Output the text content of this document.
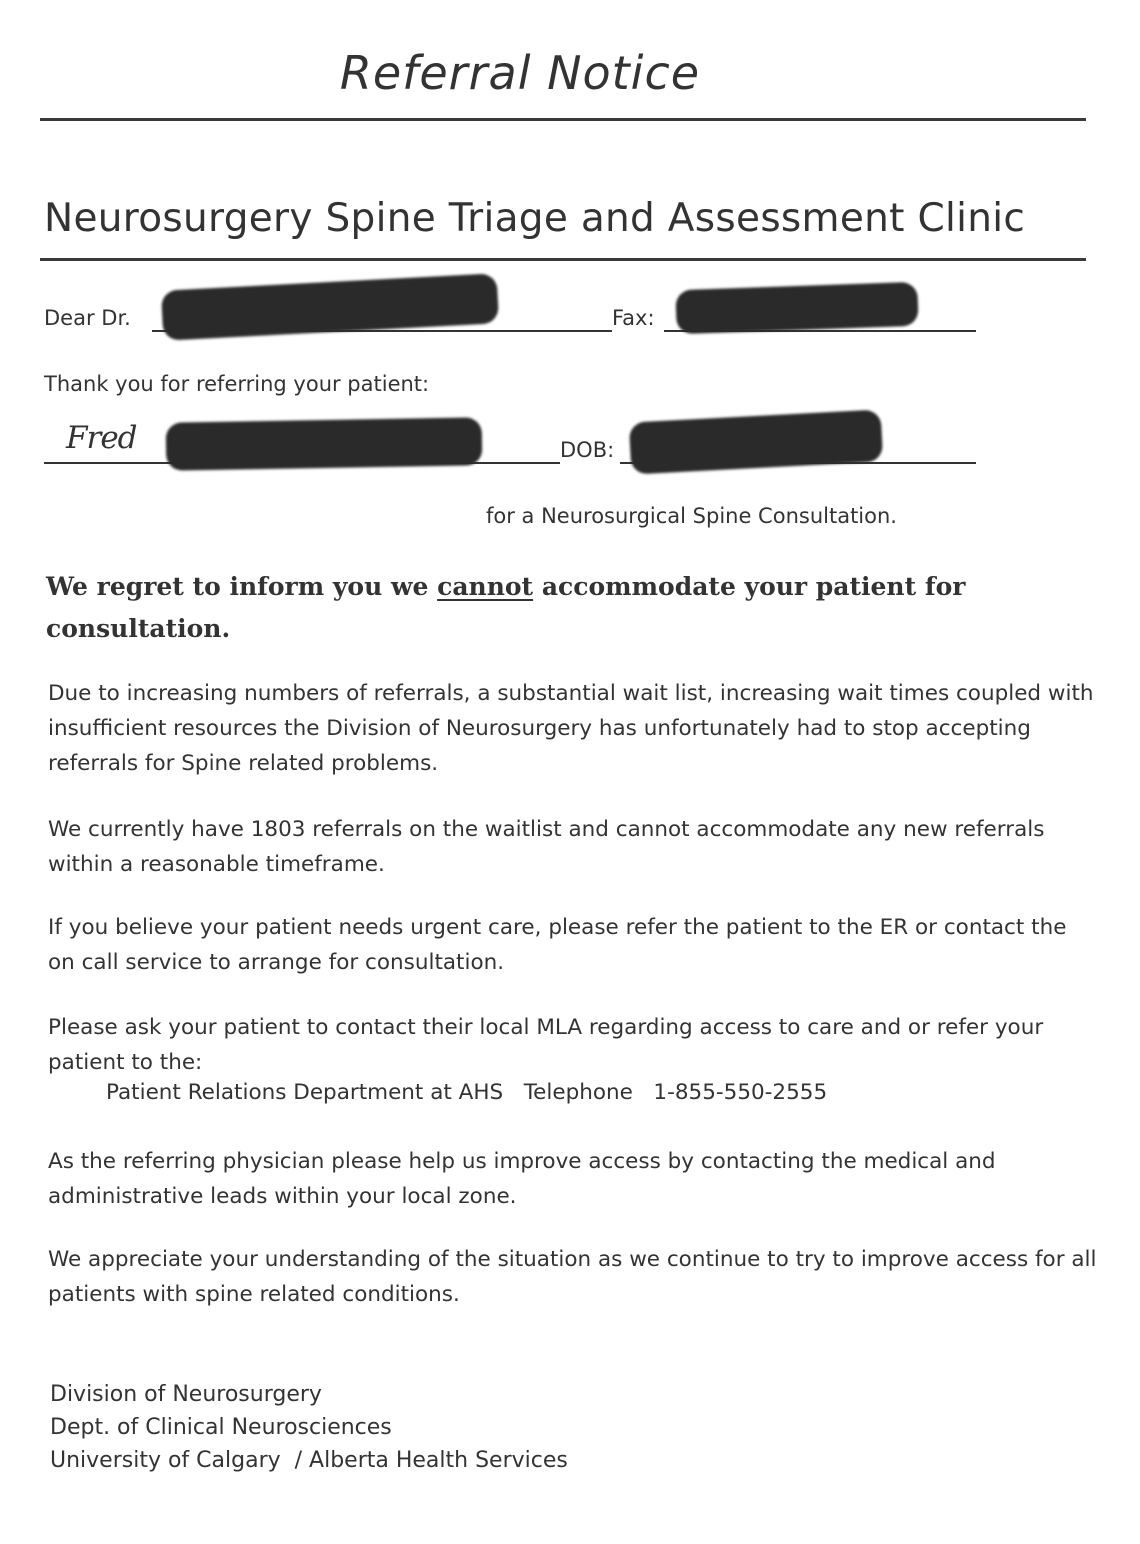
Referral Notice
Neurosurgery Spine Triage and Assessment Clinic
Dear Dr.	Fax:
Thank you for referring your patient:
Fred	DOB:
for a Neurosurgical Spine Consultation.
We regret to inform you we cannot accommodate your patient for consultation.
Due to increasing numbers of referrals, a substantial wait list, increasing wait times coupled with insufficient resources the Division of Neurosurgery has unfortunately had to stop accepting referrals for Spine related problems.
We currently have 1803 referrals on the waitlist and cannot accommodate any new referrals within a reasonable timeframe.
If you believe your patient needs urgent care, please refer the patient to the ER or contact the on call service to arrange for consultation.
Please ask your patient to contact their local MLA regarding access to care and or refer your patient to the:
Patient Relations Department at AHS Telephone 1-855-550-2555
As the referring physician please help us improve access by contacting the medical and administrative leads within your local zone.
We appreciate your understanding of the situation as we continue to try to improve access for all patients with spine related conditions.
Division of Neurosurgery
Dept. of Clinical Neurosciences
University of Calgary  / Alberta Health Services
